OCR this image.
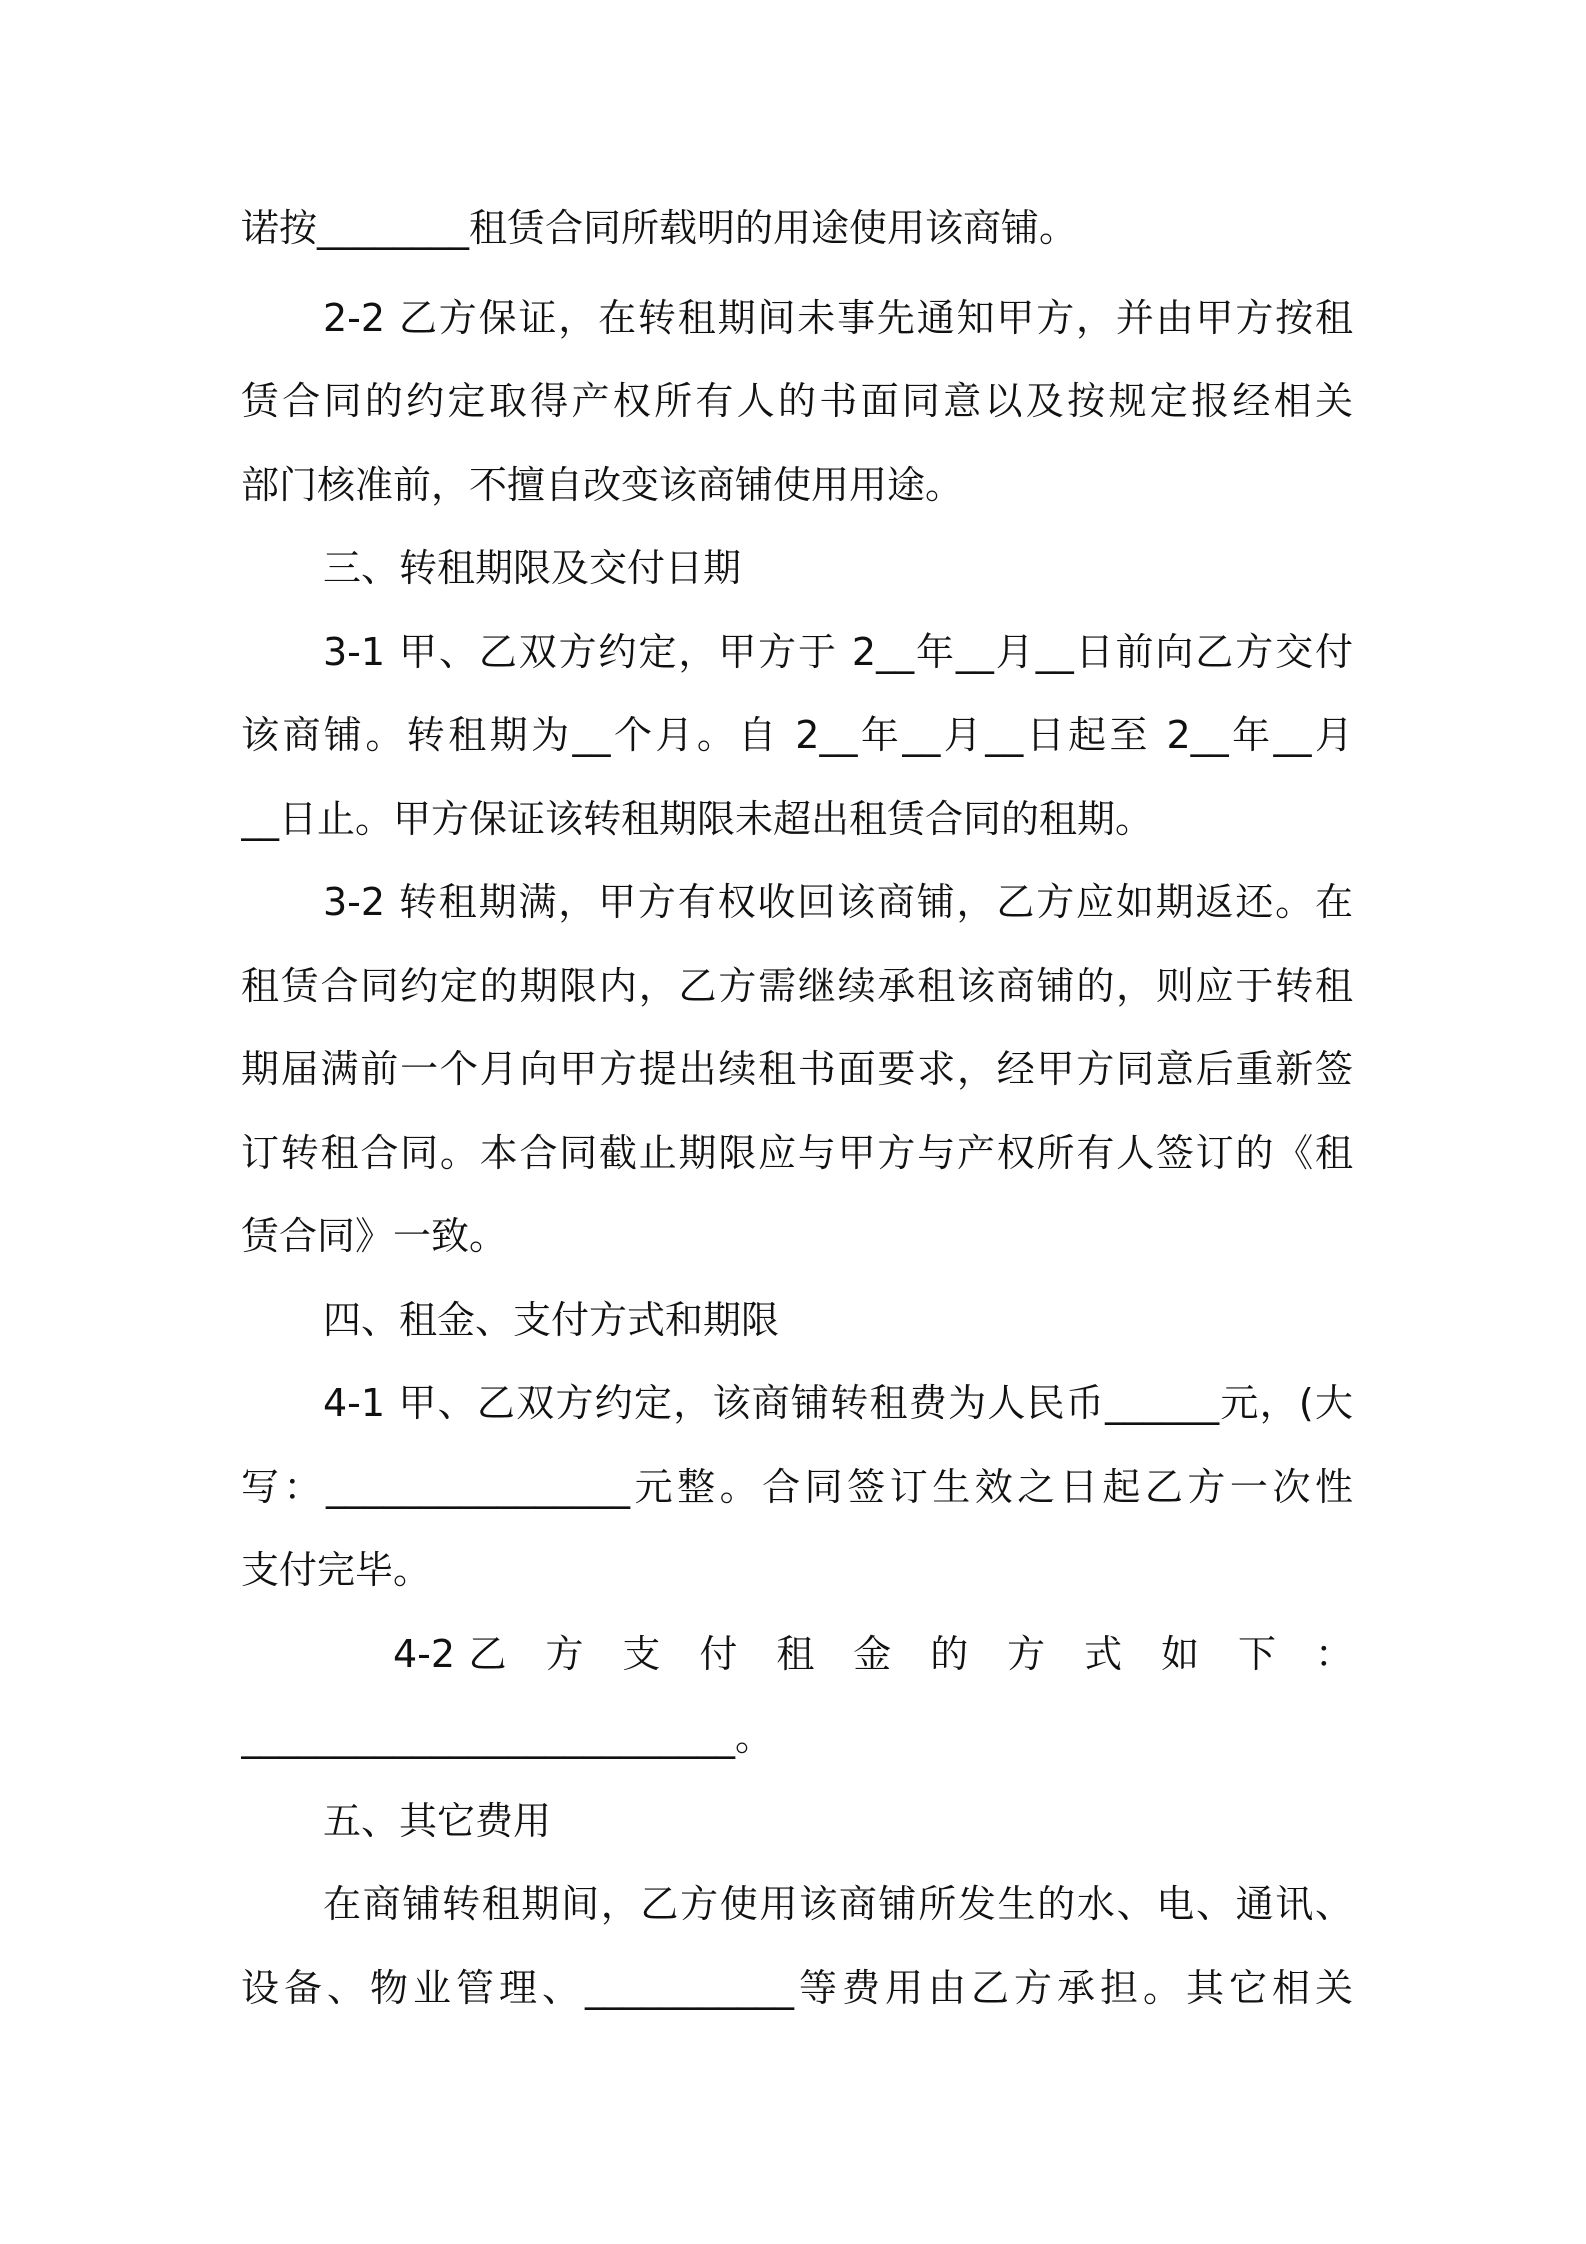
诺按________租赁合同所载明的用途使用该商铺。
2-2 乙方保证，在转租期间未事先通知甲方，并由甲方按租
赁合同的约定取得产权所有人的书面同意以及按规定报经相关
部门核准前，不擅自改变该商铺使用用途。
三、转租期限及交付日期
3-1 甲、乙双方约定，甲方于 2__年__月__日前向乙方交付
该商铺。转租期为__个月。自 2__年__月__日起至 2__年__月
__日止。甲方保证该转租期限未超出租赁合同的租期。
3-2 转租期满，甲方有权收回该商铺，乙方应如期返还。在
租赁合同约定的期限内，乙方需继续承租该商铺的，则应于转租
期届满前一个月向甲方提出续租书面要求，经甲方同意后重新签
订转租合同。本合同截止期限应与甲方与产权所有人签订的《租
赁合同》一致。
四、租金、支付方式和期限
4-1 甲、乙双方约定，该商铺转租费为人民币______元，(大
写：________________元整。合同签订生效之日起乙方一次性
支付完毕。
4-2乙 方 支 付 租 金 的 方 式 如 下 ：
__________________________。
五、其它费用
在商铺转租期间，乙方使用该商铺所发生的水、电、通讯、
设备、物业管理、___________等费用由乙方承担。其它相关
